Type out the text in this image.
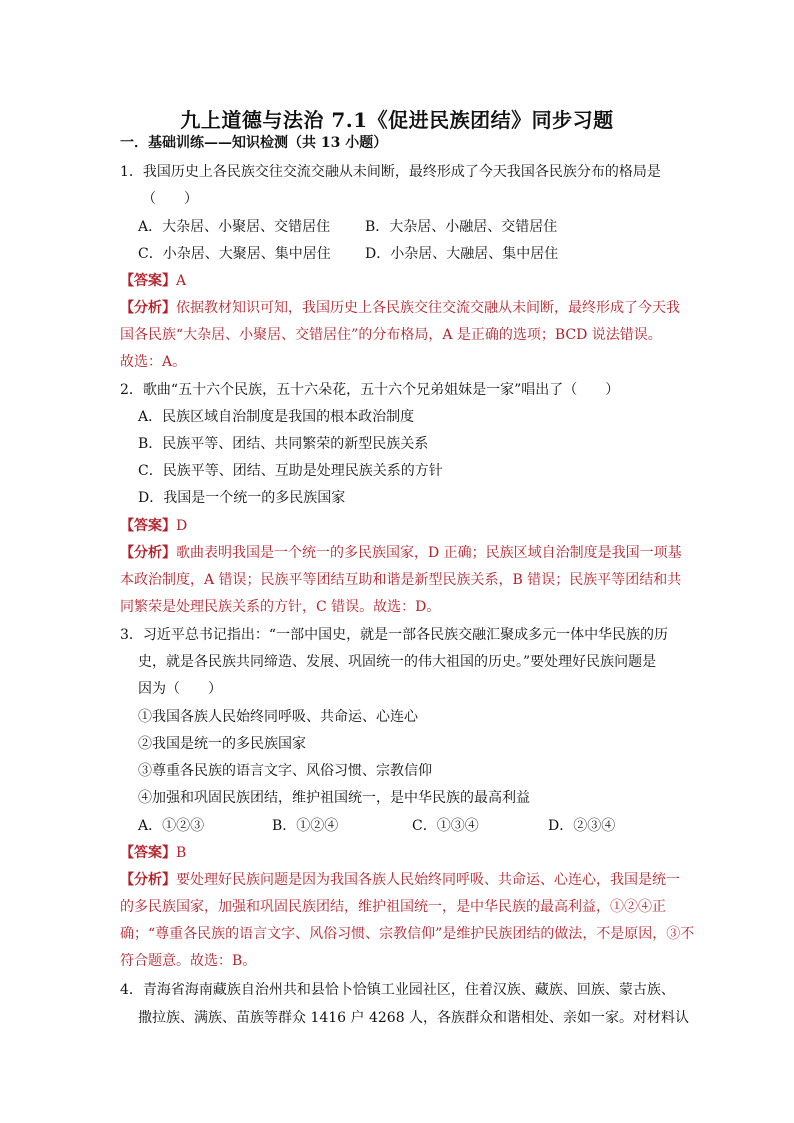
九上道德与法治 7.1《促进民族团结》同步习题
一．基础训练——知识检测（共 13 小题）
1．我国历史上各民族交往交流交融从未间断，最终形成了今天我国各民族分布的格局是
（　　）
A．大杂居、小聚居、交错居住 B．大杂居、小融居、交错居住
C．小杂居、大聚居、集中居住 D．小杂居、大融居、集中居住
【答案】A
【分析】依据教材知识可知，我国历史上各民族交往交流交融从未间断，最终形成了今天我
国各民族“大杂居、小聚居、交错居住”的分布格局，A 是正确的选项；BCD 说法错误。
故选：A。
2．歌曲“五十六个民族，五十六朵花，五十六个兄弟姐妹是一家”唱出了（　　）
A．民族区域自治制度是我国的根本政治制度
B．民族平等、团结、共同繁荣的新型民族关系
C．民族平等、团结、互助是处理民族关系的方针
D．我国是一个统一的多民族国家
【答案】D
【分析】歌曲表明我国是一个统一的多民族国家，D 正确；民族区域自治制度是我国一项基
本政治制度，A 错误；民族平等团结互助和谐是新型民族关系，B 错误；民族平等团结和共
同繁荣是处理民族关系的方针，C 错误。故选：D。
3．习近平总书记指出：“一部中国史，就是一部各民族交融汇聚成多元一体中华民族的历
史，就是各民族共同缔造、发展、巩固统一的伟大祖国的历史。”要处理好民族问题是
因为（　　）
①我国各族人民始终同呼吸、共命运、心连心
②我国是统一的多民族国家
③尊重各民族的语言文字、风俗习惯、宗教信仰
④加强和巩固民族团结，维护祖国统一，是中华民族的最高利益
A．①②③	B．①②④	C．①③④	D．②③④
【答案】B
【分析】要处理好民族问题是因为我国各族人民始终同呼吸、共命运、心连心，我国是统一
的多民族国家，加强和巩固民族团结，维护祖国统一，是中华民族的最高利益，①②④正
确；“尊重各民族的语言文字、风俗习惯、宗教信仰”是维护民族团结的做法，不是原因，③不
符合题意。故选：B。
4．青海省海南藏族自治州共和县恰卜恰镇工业园社区，住着汉族、藏族、回族、蒙古族、
撒拉族、满族、苗族等群众 1416 户 4268 人，各族群众和谐相处、亲如一家。对材料认
